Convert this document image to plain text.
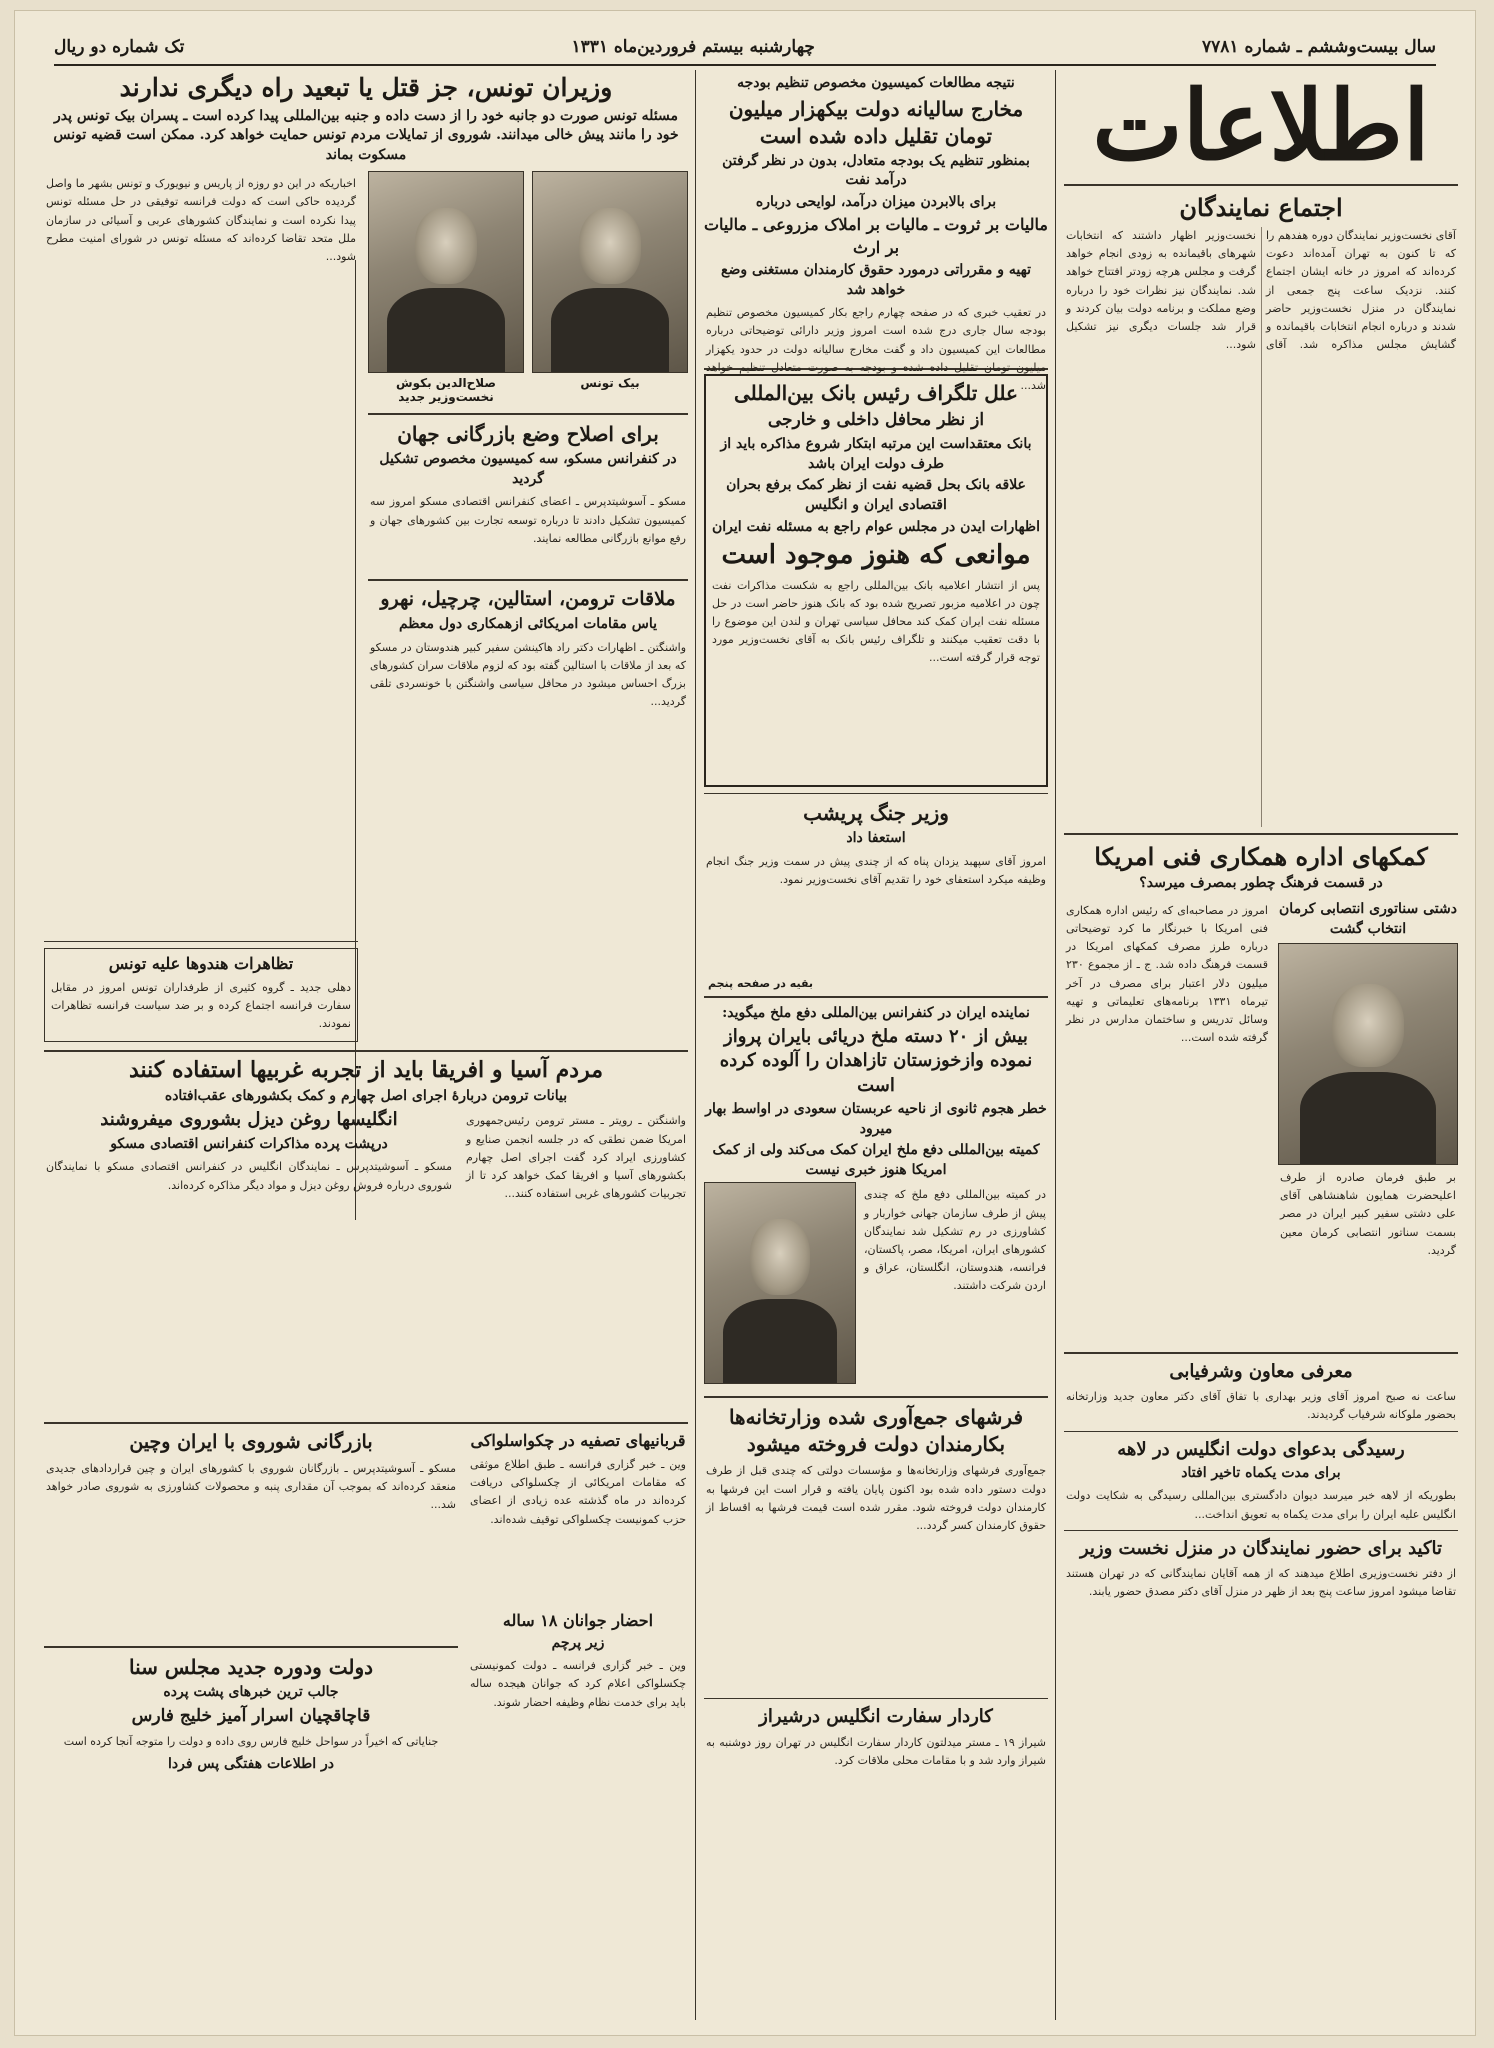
سال بیست‌وششم ـ شماره ۷۷۸۱
چهارشنبه بیستم فروردین‌ماه ۱۳۳۱
تک شماره دو ریال
اطلاعات
اجتماع نمایندگان
آقای نخست‌وزیر نمایندگان دوره هفدهم را که تا کنون به تهران آمده‌اند دعوت کرده‌اند که امروز در خانه ایشان اجتماع کنند. نزدیک ساعت پنج جمعی از نمایندگان در منزل نخست‌وزیر حاضر شدند و درباره انجام انتخابات باقیمانده و گشایش مجلس مذاکره شد. آقای نخست‌وزیر اظهار داشتند که انتخابات شهرهای باقیمانده به زودی انجام خواهد گرفت و مجلس هرچه زودتر افتتاح خواهد شد. نمایندگان نیز نظرات خود را درباره وضع مملکت و برنامه دولت بیان کردند و قرار شد جلسات دیگری نیز تشکیل شود...
کمکهای اداره همکاری فنی امریکا
در قسمت فرهنگ چطور بمصرف میرسد؟
دشتی سناتوری انتصابی کرمان انتخاب گشت
بر طبق فرمان صادره از طرف اعلیحضرت همایون شاهنشاهی آقای علی دشتی سفیر کبیر ایران در مصر بسمت سناتور انتصابی کرمان معین گردید.
امروز در مصاحبه‌ای که رئیس اداره همکاری فنی امریکا با خبرنگار ما کرد توضیحاتی درباره طرز مصرف کمکهای امریکا در قسمت فرهنگ داده شد. ج ـ از مجموع ۲۳۰ میلیون دلار اعتبار برای مصرف در آخر تیرماه ۱۳۳۱ برنامه‌های تعلیماتی و تهیه وسائل تدریس و ساختمان مدارس در نظر گرفته شده است...
معرفی معاون وشرفیابی
ساعت نه صبح امروز آقای وزیر بهداری با تفاق آقای دکتر معاون جدید وزارتخانه بحضور ملوکانه شرفیاب گردیدند.
رسیدگی بدعوای دولت انگلیس در لاهه
برای مدت یکماه تاخیر افتاد
بطوریکه از لاهه خبر میرسد دیوان دادگستری بین‌المللی رسیدگی به شکایت دولت انگلیس علیه ایران را برای مدت یکماه به تعویق انداخت...
تاکید برای حضور نمایندگان در منزل نخست وزیر
از دفتر نخست‌وزیری اطلاع میدهند که از همه آقایان نمایندگانی که در تهران هستند تقاضا میشود امروز ساعت پنج بعد از ظهر در منزل آقای دکتر مصدق حضور یابند.
نتیجه مطالعات کمیسیون مخصوص تنظیم بودجه
مخارج سالیانه دولت بیکهزار میلیون تومان تقلیل داده شده است
بمنظور تنظیم یک بودجه متعادل، بدون در نظر گرفتن درآمد نفت
برای بالابردن میزان درآمد، لوایحی درباره
مالیات بر ثروت ـ مالیات بر املاک مزروعی ـ مالیات بر ارث
تهیه و مقرراتی درمورد حقوق کارمندان مستغنی وضع خواهد شد
در تعقیب خبری که در صفحه چهارم راجع بکار کمیسیون مخصوص تنظیم بودجه سال جاری درج شده است امروز وزیر دارائی توضیحاتی درباره مطالعات این کمیسیون داد و گفت مخارج سالیانه دولت در حدود یکهزار میلیون تومان تقلیل داده شده و بودجه به صورت متعادل تنظیم خواهد شد...
علل تلگراف رئیس بانک بین‌المللی
از نظر محافل داخلی و خارجی
بانک معتقداست این مرتبه ابتکار شروع مذاکره باید از طرف دولت ایران باشد
علاقه بانک بحل قضیه نفت از نظر کمک برفع بحران اقتصادی ایران و انگلیس
اظهارات ایدن در مجلس عوام راجع به مسئله نفت ایران
موانعی که هنوز موجود است
پس از انتشار اعلامیه بانک بین‌المللی راجع به شکست مذاکرات نفت چون در اعلامیه مزبور تصریح شده بود که بانک هنوز حاضر است در حل مسئله نفت ایران کمک کند محافل سیاسی تهران و لندن این موضوع را با دقت تعقیب میکنند و تلگراف رئیس بانک به آقای نخست‌وزیر مورد توجه قرار گرفته است...
وزیر جنگ پریشب
استعفا داد
امروز آقای سپهبد یزدان پناه که از چندی پیش در سمت وزیر جنگ انجام وظیفه میکرد استعفای خود را تقدیم آقای نخست‌وزیر نمود.
بقیه در صفحه پنجم
نماینده ایران در کنفرانس بین‌المللی دفع ملخ میگوید:
بیش از ۲۰ دسته ملخ دریائی بایران پرواز نموده وازخوزستان تازاهدان را آلوده کرده است
خطر هجوم ثانوی از ناحیه عربستان سعودی در اواسط بهار میرود
کمیته بین‌المللی دفع ملخ ایران کمک می‌کند ولی از کمک امریکا هنوز خبری نیست
در کمیته بین‌المللی دفع ملخ که چندی پیش از طرف سازمان جهانی خواربار و کشاورزی در رم تشکیل شد نمایندگان کشورهای ایران، امریکا، مصر، پاکستان، فرانسه، هندوستان، انگلستان، عراق و اردن شرکت داشتند.
فرشهای جمع‌آوری شده وزارتخانه‌ها بکارمندان دولت فروخته میشود
جمع‌آوری فرشهای وزارتخانه‌ها و مؤسسات دولتی که چندی قبل از طرف دولت دستور داده شده بود اکنون پایان یافته و قرار است این فرشها به کارمندان دولت فروخته شود. مقرر شده است قیمت فرشها به اقساط از حقوق کارمندان کسر گردد...
کاردار سفارت انگلیس درشیراز
شیراز ۱۹ ـ مستر میدلتون کاردار سفارت انگلیس در تهران روز دوشنبه به شیراز وارد شد و با مقامات محلی ملاقات کرد.
وزیران تونس، جز قتل یا تبعید راه دیگری ندارند
مسئله تونس صورت دو جانبه خود را از دست داده و جنبه بین‌المللی پیدا کرده است ـ پسران بیک تونس پدر خود را مانند پیش خالی میدانند. شوروی از تمایلات مردم تونس حمایت خواهد کرد. ممکن است قضیه تونس مسکوت بماند
بیک تونس
صلاح‌الدین بکوش نخست‌وزیر جدید
برای اصلاح وضع بازرگانی جهان
در کنفرانس مسکو، سه کمیسیون مخصوص تشکیل گردید
مسکو ـ آسوشیتدپرس ـ اعضای کنفرانس اقتصادی مسکو امروز سه کمیسیون تشکیل دادند تا درباره توسعه تجارت بین کشورهای جهان و رفع موانع بازرگانی مطالعه نمایند.
ملاقات ترومن، استالین، چرچیل، نهرو
یاس مقامات امریکائی ازهمکاری دول معظم
واشنگتن ـ اظهارات دکتر راد هاکینشن سفیر کبیر هندوستان در مسکو که بعد از ملاقات با استالین گفته بود که لزوم ملاقات سران کشورهای بزرگ احساس میشود در محافل سیاسی واشنگتن با خونسردی تلقی گردید...
اخباریکه در این دو روزه از پاریس و نیویورک و تونس بشهر ما واصل گردیده حاکی است که دولت فرانسه توفیقی در حل مسئله تونس پیدا نکرده است و نمایندگان کشورهای عربی و آسیائی در سازمان ملل متحد تقاضا کرده‌اند که مسئله تونس در شورای امنیت مطرح شود...
تظاهرات هندوها علیه تونس
دهلی جدید ـ گروه کثیری از طرفداران تونس امروز در مقابل سفارت فرانسه اجتماع کرده و بر ضد سیاست فرانسه تظاهرات نمودند.
مردم آسیا و افریقا باید از تجربه غربیها استفاده کنند
بیانات ترومن دربارهٔ اجرای اصل چهارم و کمک بکشورهای عقب‌افتاده
واشنگتن ـ رویتر ـ مستر ترومن رئیس‌جمهوری امریکا ضمن نطقی که در جلسه انجمن صنایع و کشاورزی ایراد کرد گفت اجرای اصل چهارم بکشورهای آسیا و افریقا کمک خواهد کرد تا از تجربیات کشورهای غربی استفاده کنند...
انگلیسها روغن دیزل بشوروی میفروشند
درپشت پرده مذاکرات کنفرانس اقتصادی مسکو
مسکو ـ آسوشیتدپرس ـ نمایندگان انگلیس در کنفرانس اقتصادی مسکو با نمایندگان شوروی درباره فروش روغن دیزل و مواد دیگر مذاکره کرده‌اند.
قربانیهای تصفیه در چکواسلواکی
وین ـ خبر گزاری فرانسه ـ طبق اطلاع موثقی که مقامات امریکائی از چکسلواکی دریافت کرده‌اند در ماه گذشته عده زیادی از اعضای حزب کمونیست چکسلواکی توقیف شده‌اند.
احضار جوانان ۱۸ ساله
زیر پرچم
وین ـ خبر گزاری فرانسه ـ دولت کمونیستی چکسلواکی اعلام کرد که جوانان هیجده ساله باید برای خدمت نظام وظیفه احضار شوند.
بازرگانی شوروی با ایران وچین
مسکو ـ آسوشیتدپرس ـ بازرگانان شوروی با کشورهای ایران و چین قراردادهای جدیدی منعقد کرده‌اند که بموجب آن مقداری پنبه و محصولات کشاورزی به شوروی صادر خواهد شد...
دولت ودوره جدید مجلس سنا
جالب ترین خبرهای پشت پرده
قاچاقچیان اسرار آمیز خلیج فارس
جنایاتی که اخیراً در سواحل خلیج فارس روی داده و دولت را متوجه آنجا کرده است
در اطلاعات هفتگی پس فردا
